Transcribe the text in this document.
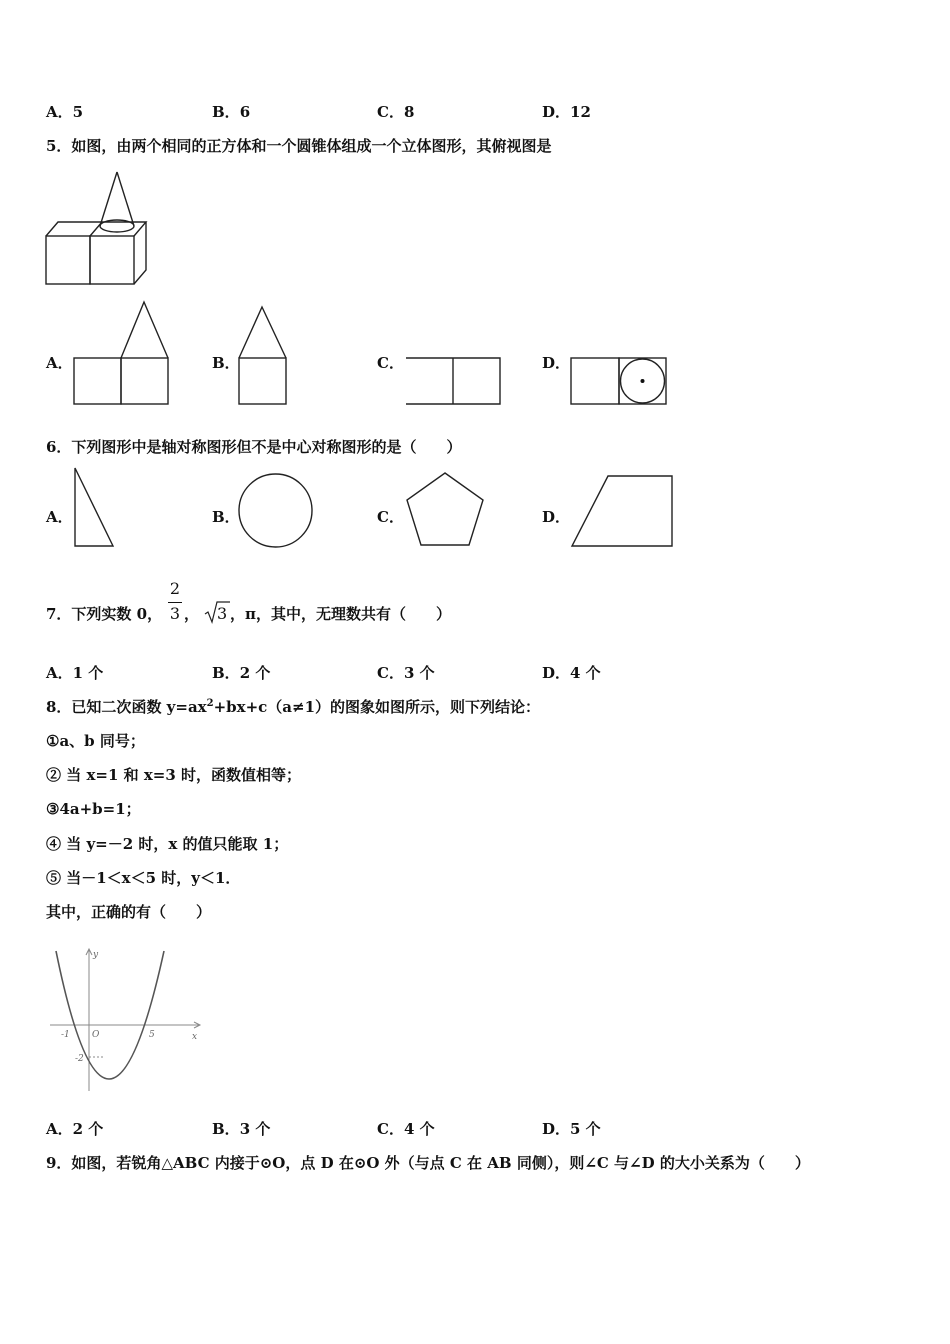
A．5	B．6	C．8	D．12
5．如图，由两个相同的正方体和一个圆锥体组成一个立体图形，其俯视图是
A．	B．	C．	D．
6．下列图形中是轴对称图形但不是中心对称图形的是（　　）
A．	B．	C．	D．
7．下列实数 0，
2
3 ， 3 ，π，其中，无理数共有（　　）
A．1 个	B．2 个	C．3 个	D．4 个
8．已知二次函数 $y=ax^2+bx+c(a\ne 1)$的图象如图所示，则下列结论：
①a、b 同号；
② 当 x=1 和 x=3 时，函数值相等；
③4a+b=1；
④ 当 y=－2 时，x 的值只能取 1；
⑤ 当－1＜x＜5 时，y＜1．
其中，正确的有（　　）
y
x
-1 O	5
-2
A．2 个	B．3 个	C．4 个	D．5 个
9．如图，若锐角△ABC 内接于⊙O，点 D 在⊙O 外（与点 C 在 AB 同侧），则∠C 与∠D 的大小关系为（　　）
